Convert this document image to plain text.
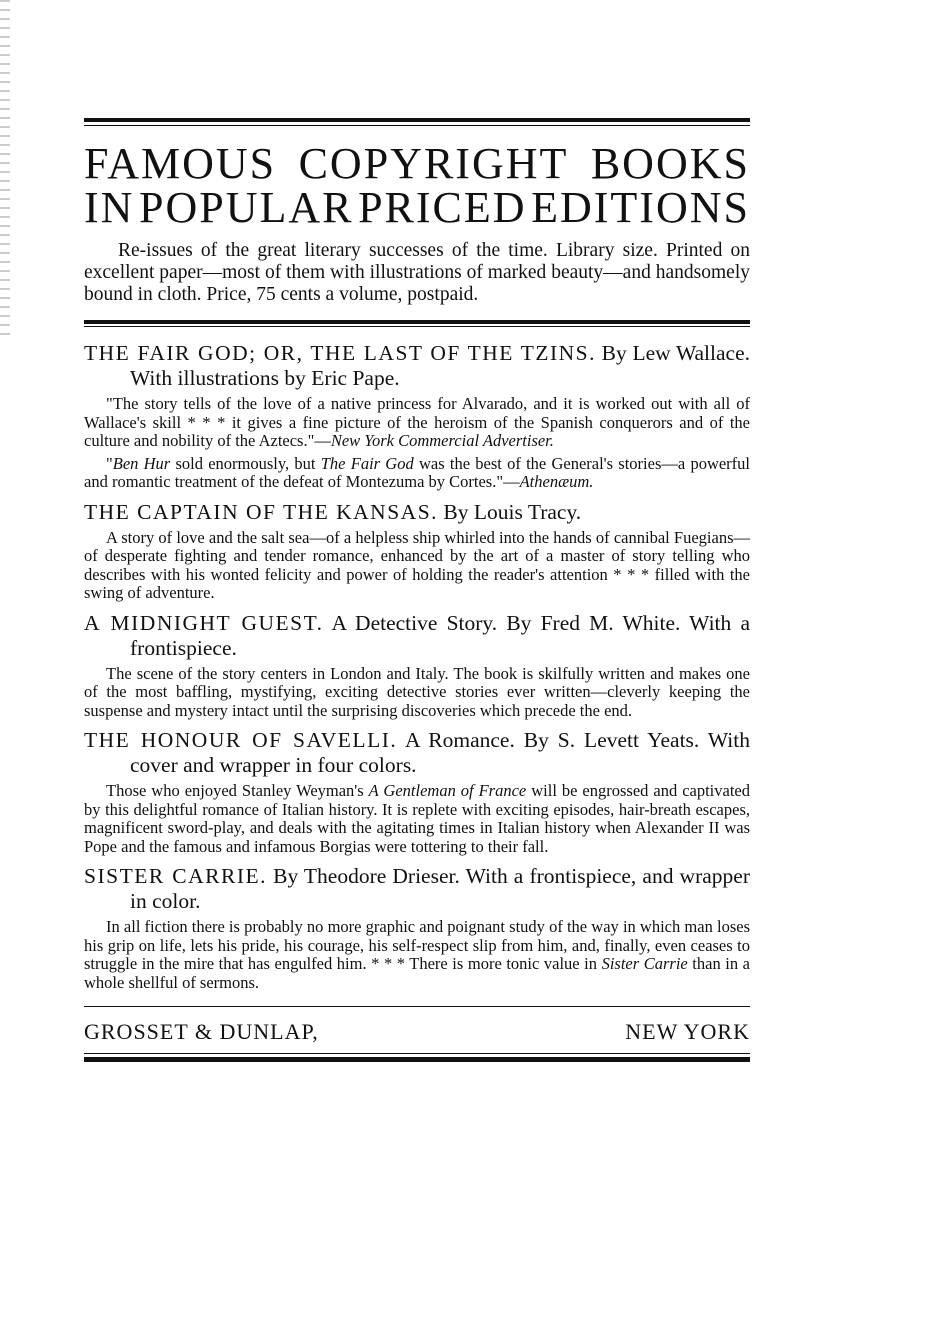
FAMOUS COPYRIGHT BOOKS
IN POPULAR PRICED EDITIONS

Re-issues of the great literary successes of the time. Library size. Printed on excellent paper—most of them with illustrations of marked beauty—and handsomely bound in cloth. Price, 75 cents a volume, postpaid.

THE FAIR GOD; OR, THE LAST OF THE TZINS. By Lew Wallace. With illustrations by Eric Pape.
"The story tells of the love of a native princess for Alvarado, and it is worked out with all of Wallace's skill * * * it gives a fine picture of the heroism of the Spanish conquerors and of the culture and nobility of the Aztecs."—New York Commercial Advertiser.
"Ben Hur sold enormously, but The Fair God was the best of the General's stories—a powerful and romantic treatment of the defeat of Montezuma by Cortes."—Athenæum.
THE CAPTAIN OF THE KANSAS. By Louis Tracy.
A story of love and the salt sea—of a helpless ship whirled into the hands of cannibal Fuegians—of desperate fighting and tender romance, enhanced by the art of a master of story telling who describes with his wonted felicity and power of holding the reader's attention * * * filled with the swing of adventure.
A MIDNIGHT GUEST. A Detective Story. By Fred M. White. With a frontispiece.
The scene of the story centers in London and Italy. The book is skilfully written and makes one of the most baffling, mystifying, exciting detective stories ever written—cleverly keeping the suspense and mystery intact until the surprising discoveries which precede the end.
THE HONOUR OF SAVELLI. A Romance. By S. Levett Yeats. With cover and wrapper in four colors.
Those who enjoyed Stanley Weyman's A Gentleman of France will be engrossed and captivated by this delightful romance of Italian history. It is replete with exciting episodes, hair-breath escapes, magnificent sword-play, and deals with the agitating times in Italian history when Alexander II was Pope and the famous and infamous Borgias were tottering to their fall.
SISTER CARRIE. By Theodore Drieser. With a frontispiece, and wrapper in color.
In all fiction there is probably no more graphic and poignant study of the way in which man loses his grip on life, lets his pride, his courage, his self-respect slip from him, and, finally, even ceases to struggle in the mire that has engulfed him. * * * There is more tonic value in Sister Carrie than in a whole shellful of sermons.
GROSSET & DUNLAP,	NEW YORK
